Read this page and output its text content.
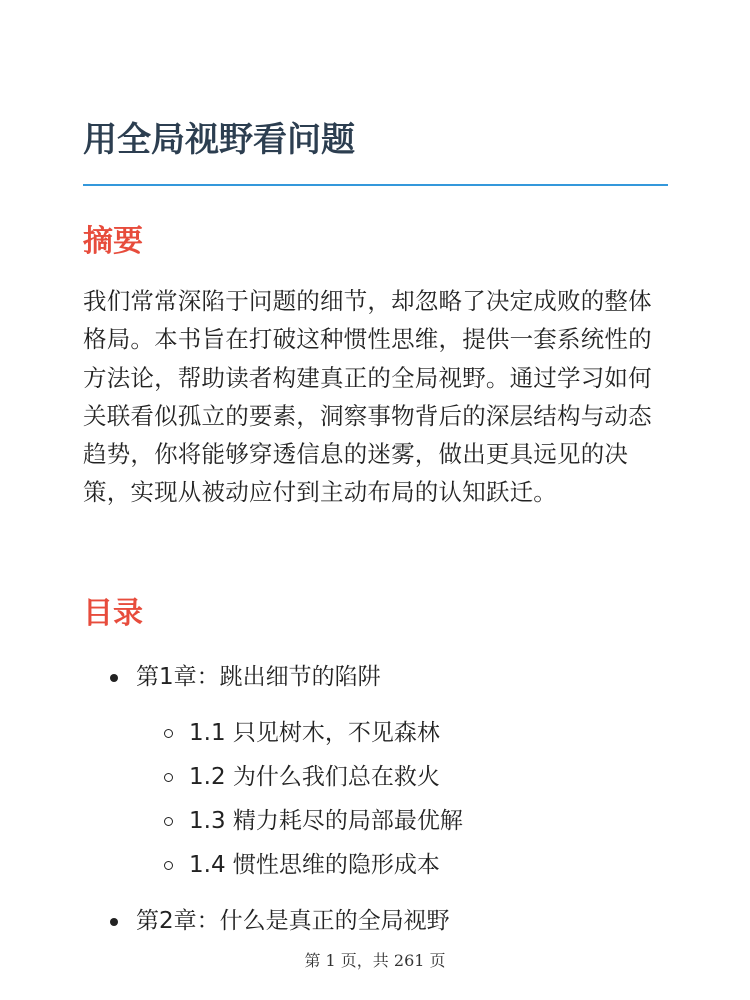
用全局视野看问题
摘要

我们常常深陷于问题的细节，却忽略了决定成败的整体格局。本书旨在打破这种惯性思维，提供一套系统性的方法论，帮助读者构建真正的全局视野。通过学习如何关联看似孤立的要素，洞察事物背后的深层结构与动态趋势，你将能够穿透信息的迷雾，做出更具远见的决策，实现从被动应付到主动布局的认知跃迁。

目录
第1章：跳出细节的陷阱
1.1 只见树木，不见森林
1.2 为什么我们总在救火
1.3 精力耗尽的局部最优解
1.4 惯性思维的隐形成本
第2章：什么是真正的全局视野
第 1 页，共 261 页
